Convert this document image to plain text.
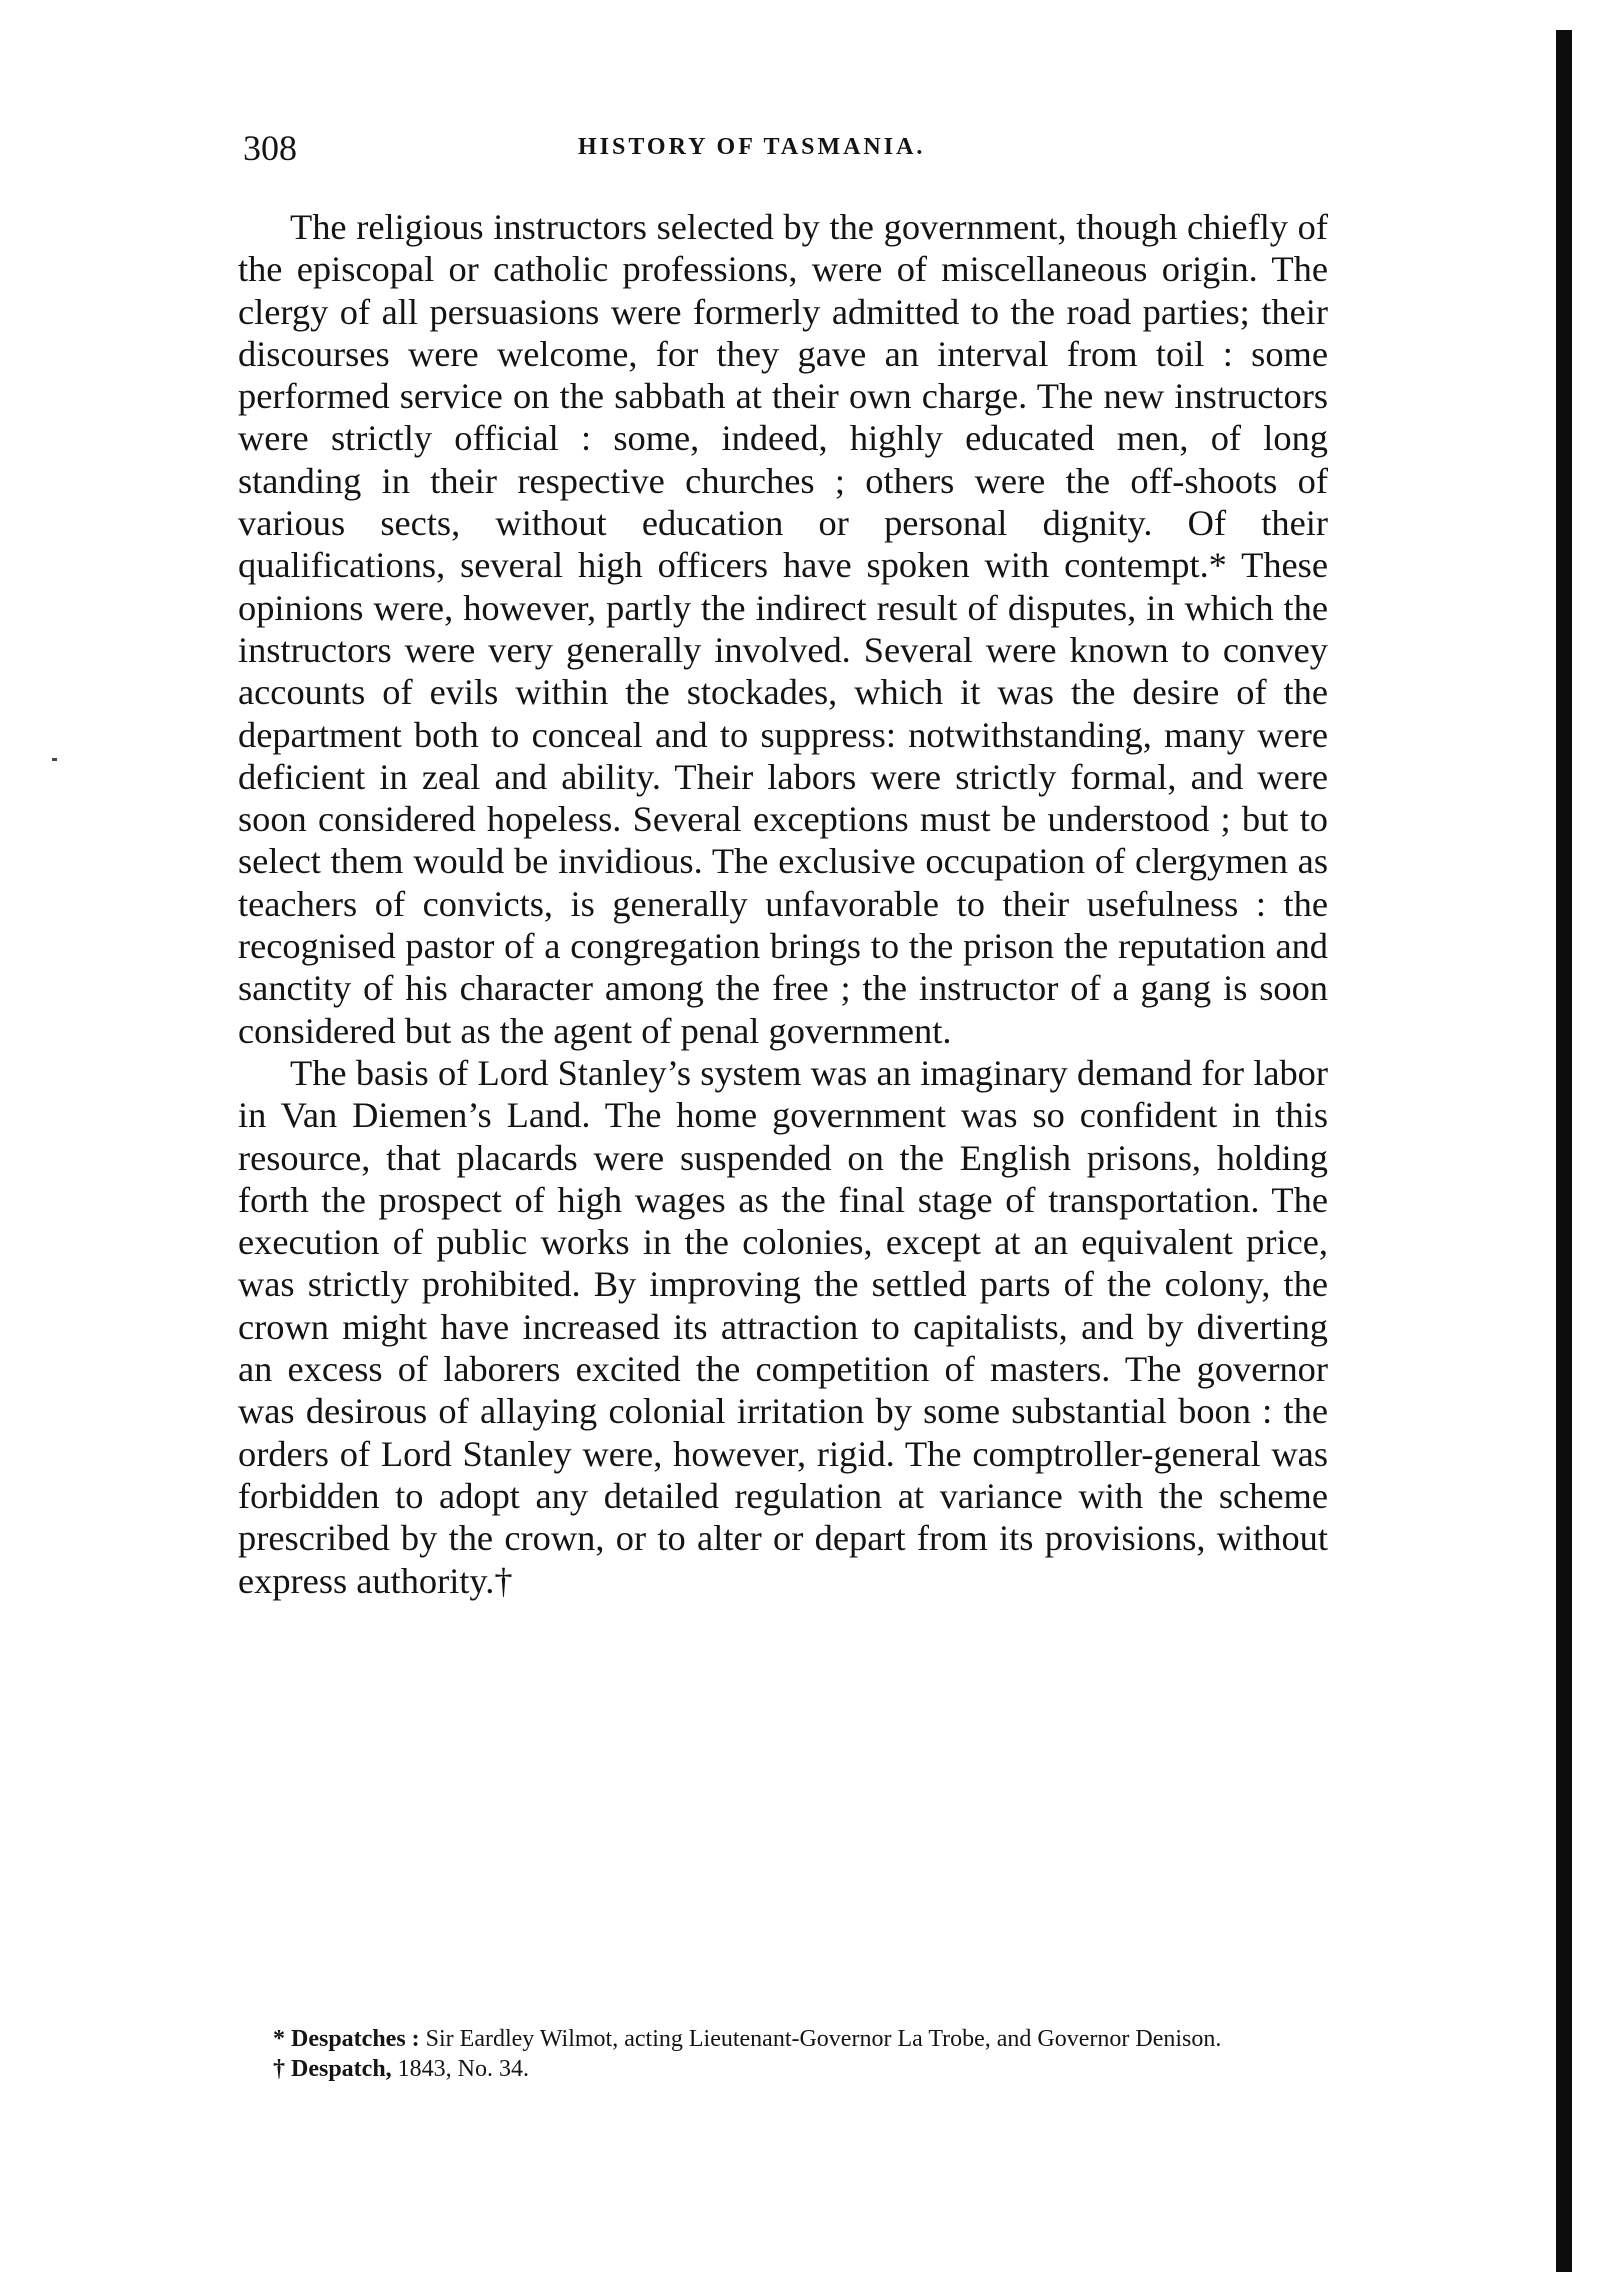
308	HISTORY OF TASMANIA.

The religious instructors selected by the government, though chiefly of the episcopal or catholic professions, were of miscellaneous origin. The clergy of all persuasions were formerly admitted to the road parties; their discourses were welcome, for they gave an interval from toil : some performed service on the sabbath at their own charge. The new instructors were strictly official : some, indeed, highly educated men, of long standing in their respective churches ; others were the off-shoots of various sects, without education or personal dignity. Of their qualifications, several high officers have spoken with contempt.* These opinions were, however, partly the indirect result of disputes, in which the instructors were very generally involved. Several were known to convey accounts of evils within the stockades, which it was the desire of the department both to conceal and to suppress: notwithstanding, many were deficient in zeal and ability. Their labors were strictly formal, and were soon considered hopeless. Several exceptions must be understood ; but to select them would be invidious. The exclusive occupation of clergymen as teachers of convicts, is generally unfavorable to their usefulness : the recognised pastor of a congregation brings to the prison the reputation and sanctity of his character among the free ; the instructor of a gang is soon considered but as the agent of penal government.

The basis of Lord Stanley’s system was an imaginary demand for labor in Van Diemen’s Land. The home government was so confident in this resource, that placards were suspended on the English prisons, holding forth the prospect of high wages as the final stage of transportation. The execution of public works in the colonies, except at an equivalent price, was strictly prohibited. By improving the settled parts of the colony, the crown might have increased its attraction to capitalists, and by diverting an excess of laborers excited the competition of masters. The governor was desirous of allaying colonial irritation by some substantial boon : the orders of Lord Stanley were, however, rigid. The comptroller-general was forbidden to adopt any detailed regulation at variance with the scheme prescribed by the crown, or to alter or depart from its provisions, without express authority.†

* Despatches : Sir Eardley Wilmot, acting Lieutenant-Governor La Trobe, and Governor Denison.

† Despatch, 1843, No. 34.
